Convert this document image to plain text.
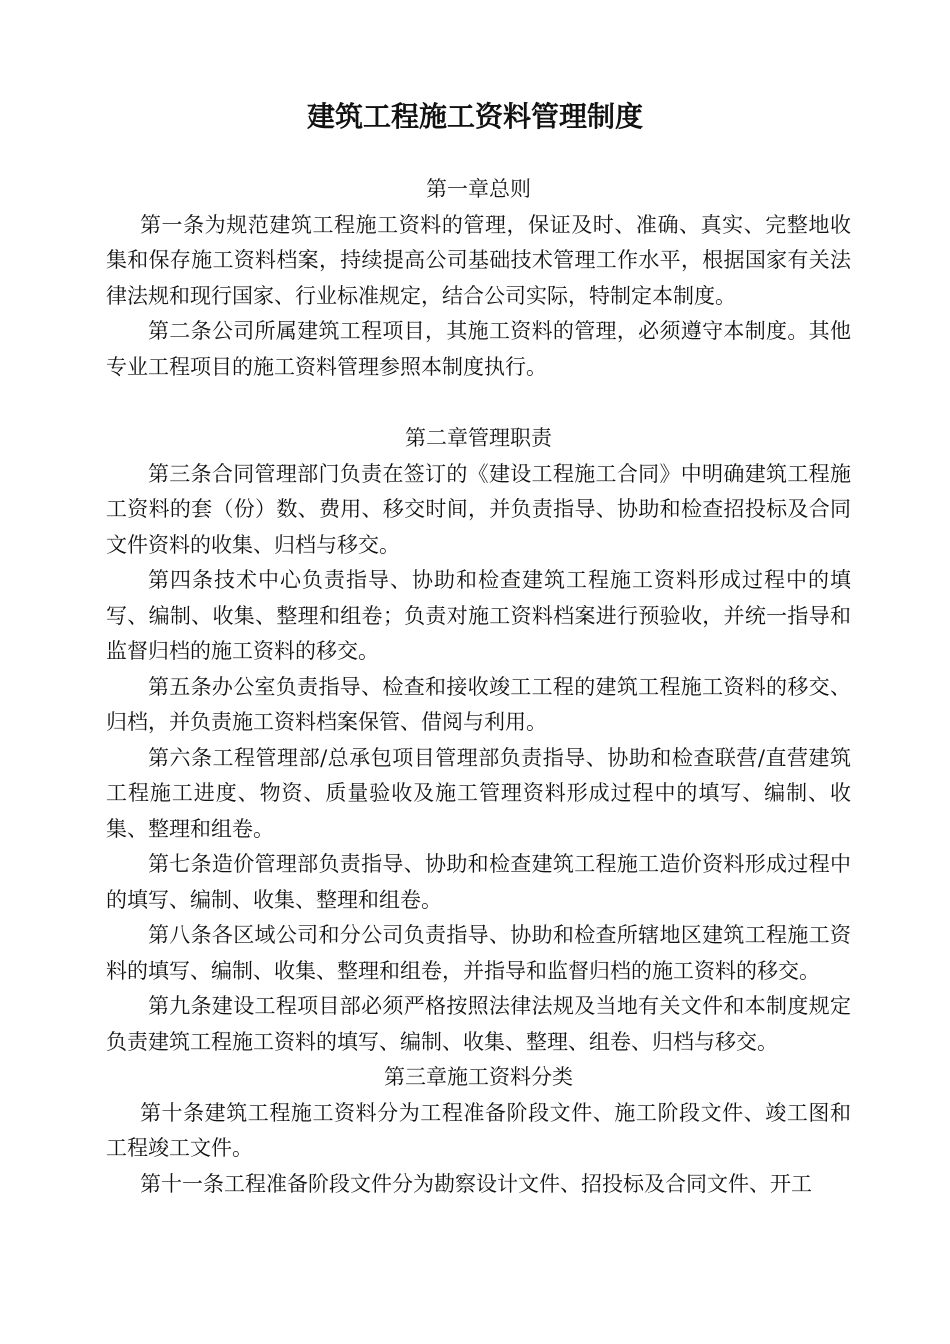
建筑工程施工资料管理制度

第一章总则

第一条为规范建筑工程施工资料的管理，保证及时、准确、真实、完整地收集和保存施工资料档案，持续提高公司基础技术管理工作水平，根据国家有关法律法规和现行国家、行业标准规定，结合公司实际，特制定本制度。

第二条公司所属建筑工程项目，其施工资料的管理，必须遵守本制度。其他专业工程项目的施工资料管理参照本制度执行。

第二章管理职责

第三条合同管理部门负责在签订的《建设工程施工合同》中明确建筑工程施工资料的套（份）数、费用、移交时间，并负责指导、协助和检查招投标及合同文件资料的收集、归档与移交。

第四条技术中心负责指导、协助和检查建筑工程施工资料形成过程中的填写、编制、收集、整理和组卷；负责对施工资料档案进行预验收，并统一指导和监督归档的施工资料的移交。

第五条办公室负责指导、检查和接收竣工工程的建筑工程施工资料的移交、归档，并负责施工资料档案保管、借阅与利用。

第六条工程管理部/总承包项目管理部负责指导、协助和检查联营/直营建筑工程施工进度、物资、质量验收及施工管理资料形成过程中的填写、编制、收集、整理和组卷。

第七条造价管理部负责指导、协助和检查建筑工程施工造价资料形成过程中的填写、编制、收集、整理和组卷。

第八条各区域公司和分公司负责指导、协助和检查所辖地区建筑工程施工资料的填写、编制、收集、整理和组卷，并指导和监督归档的施工资料的移交。

第九条建设工程项目部必须严格按照法律法规及当地有关文件和本制度规定负责建筑工程施工资料的填写、编制、收集、整理、组卷、归档与移交。

第三章施工资料分类

第十条建筑工程施工资料分为工程准备阶段文件、施工阶段文件、竣工图和工程竣工文件。

第十一条工程准备阶段文件分为勘察设计文件、招投标及合同文件、开工
